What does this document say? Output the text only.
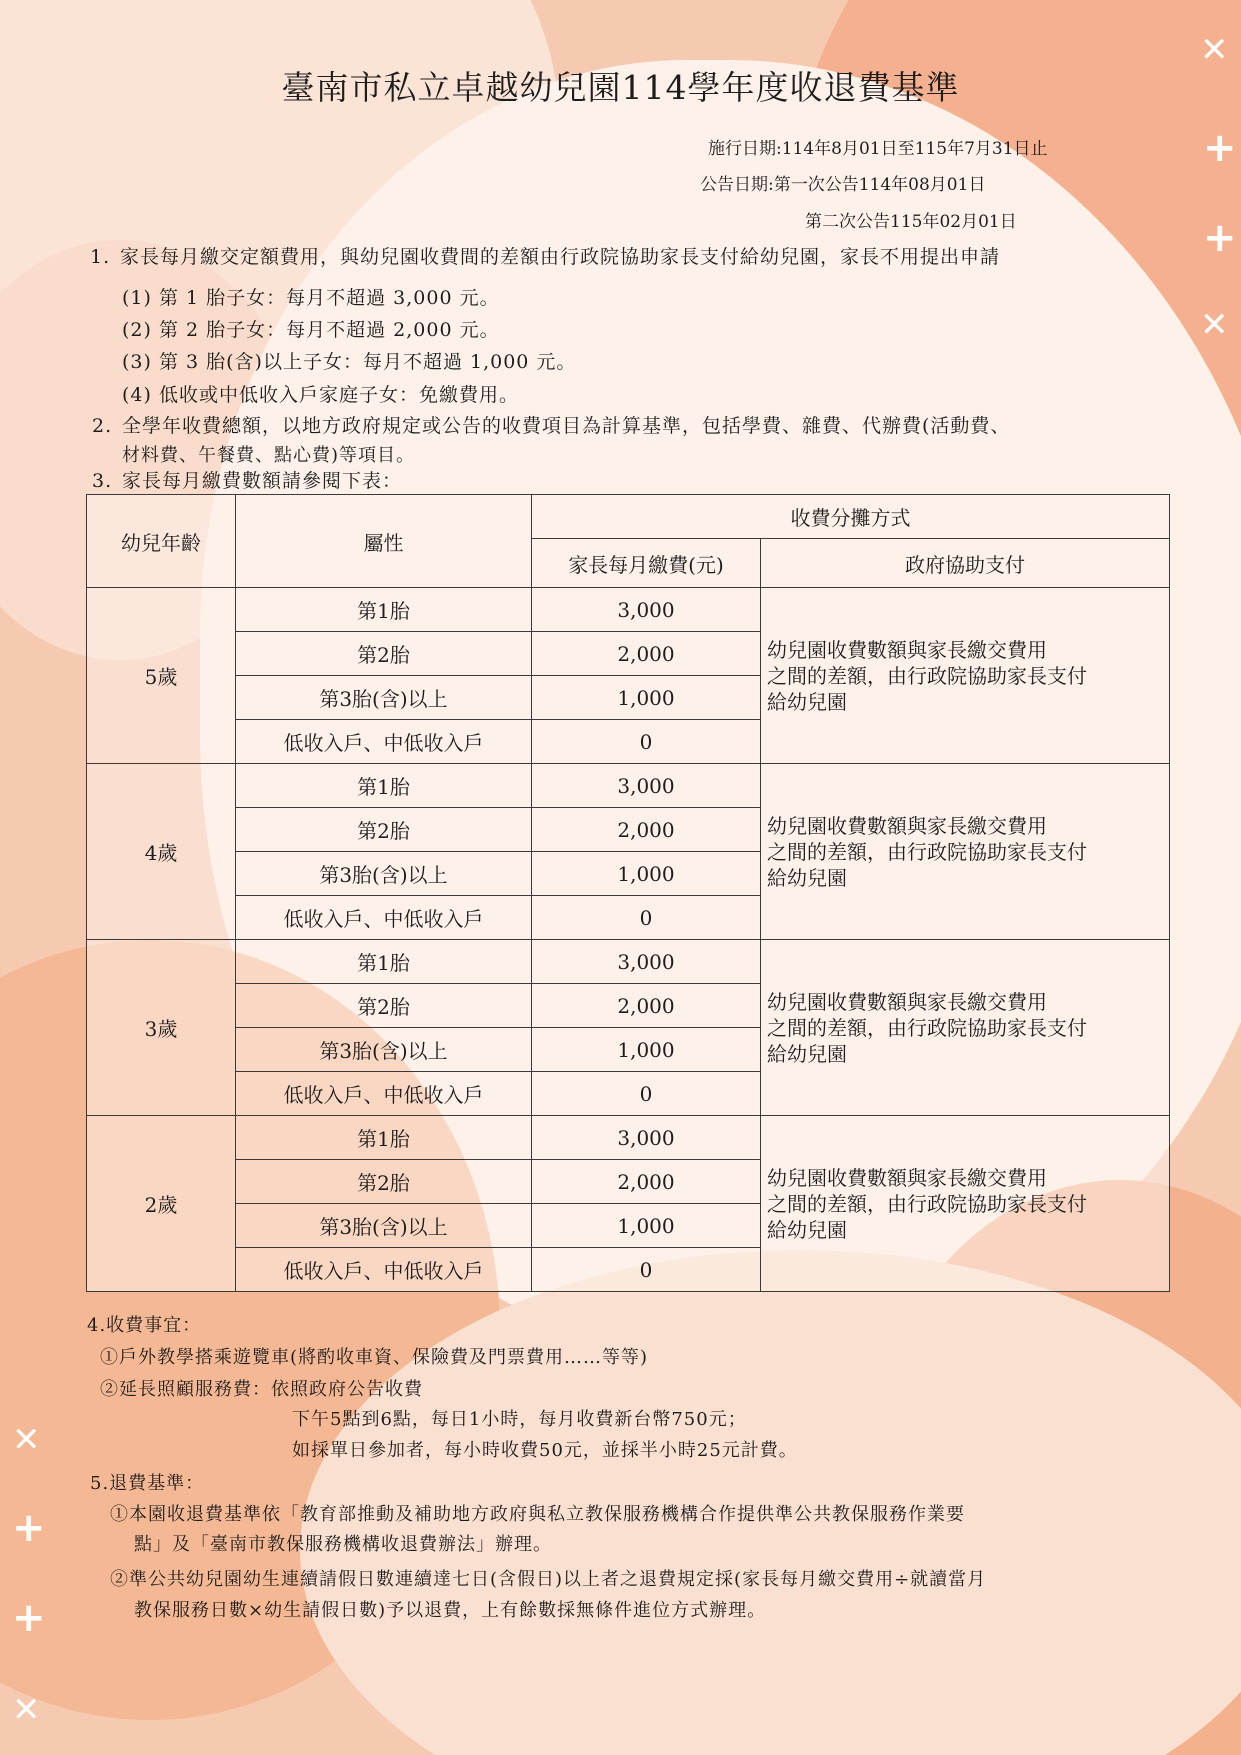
✕
+
+
✕
✕
+
+
✕
臺南市私立卓越幼兒園114學年度收退費基準
施行日期:114年8月01日至115年7月31日止
公告日期:第一次公告114年08月01日
第二次公告115年02月01日
1. 家長每月繳交定額費用，與幼兒園收費間的差額由行政院協助家長支付給幼兒園，家長不用提出申請
(1) 第 1 胎子女：每月不超過 3,000 元。
(2) 第 2 胎子女：每月不超過 2,000 元。
(3) 第 3 胎(含)以上子女：每月不超過 1,000 元。
(4) 低收或中低收入戶家庭子女：免繳費用。
2. 全學年收費總額，以地方政府規定或公告的收費項目為計算基準，包括學費、雜費、代辦費(活動費、
材料費、午餐費、點心費)等項目。
3. 家長每月繳費數額請參閱下表：
幼兒年齡	屬性	收費分攤方式	
		家長每月繳費(元)	政府協助支付
5歲	第1胎	3,000	幼兒園收費數額與家長繳交費用
之間的差額，由行政院協助家長支付
給幼兒園
	第2胎	2,000	
	第3胎(含)以上	1,000	
	低收入戶、中低收入戶	0	
4歲	第1胎	3,000	幼兒園收費數額與家長繳交費用
之間的差額，由行政院協助家長支付
給幼兒園
	第2胎	2,000	
	第3胎(含)以上	1,000	
	低收入戶、中低收入戶	0	
3歲	第1胎	3,000	幼兒園收費數額與家長繳交費用
之間的差額，由行政院協助家長支付
給幼兒園
	第2胎	2,000	
	第3胎(含)以上	1,000	
	低收入戶、中低收入戶	0	
2歲	第1胎	3,000	幼兒園收費數額與家長繳交費用
之間的差額，由行政院協助家長支付
給幼兒園
	第2胎	2,000	
	第3胎(含)以上	1,000	
	低收入戶、中低收入戶	0	
4.收費事宜：
①戶外教學搭乘遊覽車(將酌收車資、保險費及門票費用……等等)
②延長照顧服務費：依照政府公告收費
下午5點到6點，每日1小時，每月收費新台幣750元；
如採單日參加者，每小時收費50元，並採半小時25元計費。
5.退費基準：
①本園收退費基準依「教育部推動及補助地方政府與私立教保服務機構合作提供準公共教保服務作業要
點」及「臺南市教保服務機構收退費辦法」辦理。
②準公共幼兒園幼生連續請假日數連續達七日(含假日)以上者之退費規定採(家長每月繳交費用÷就讀當月
教保服務日數×幼生請假日數)予以退費，上有餘數採無條件進位方式辦理。
